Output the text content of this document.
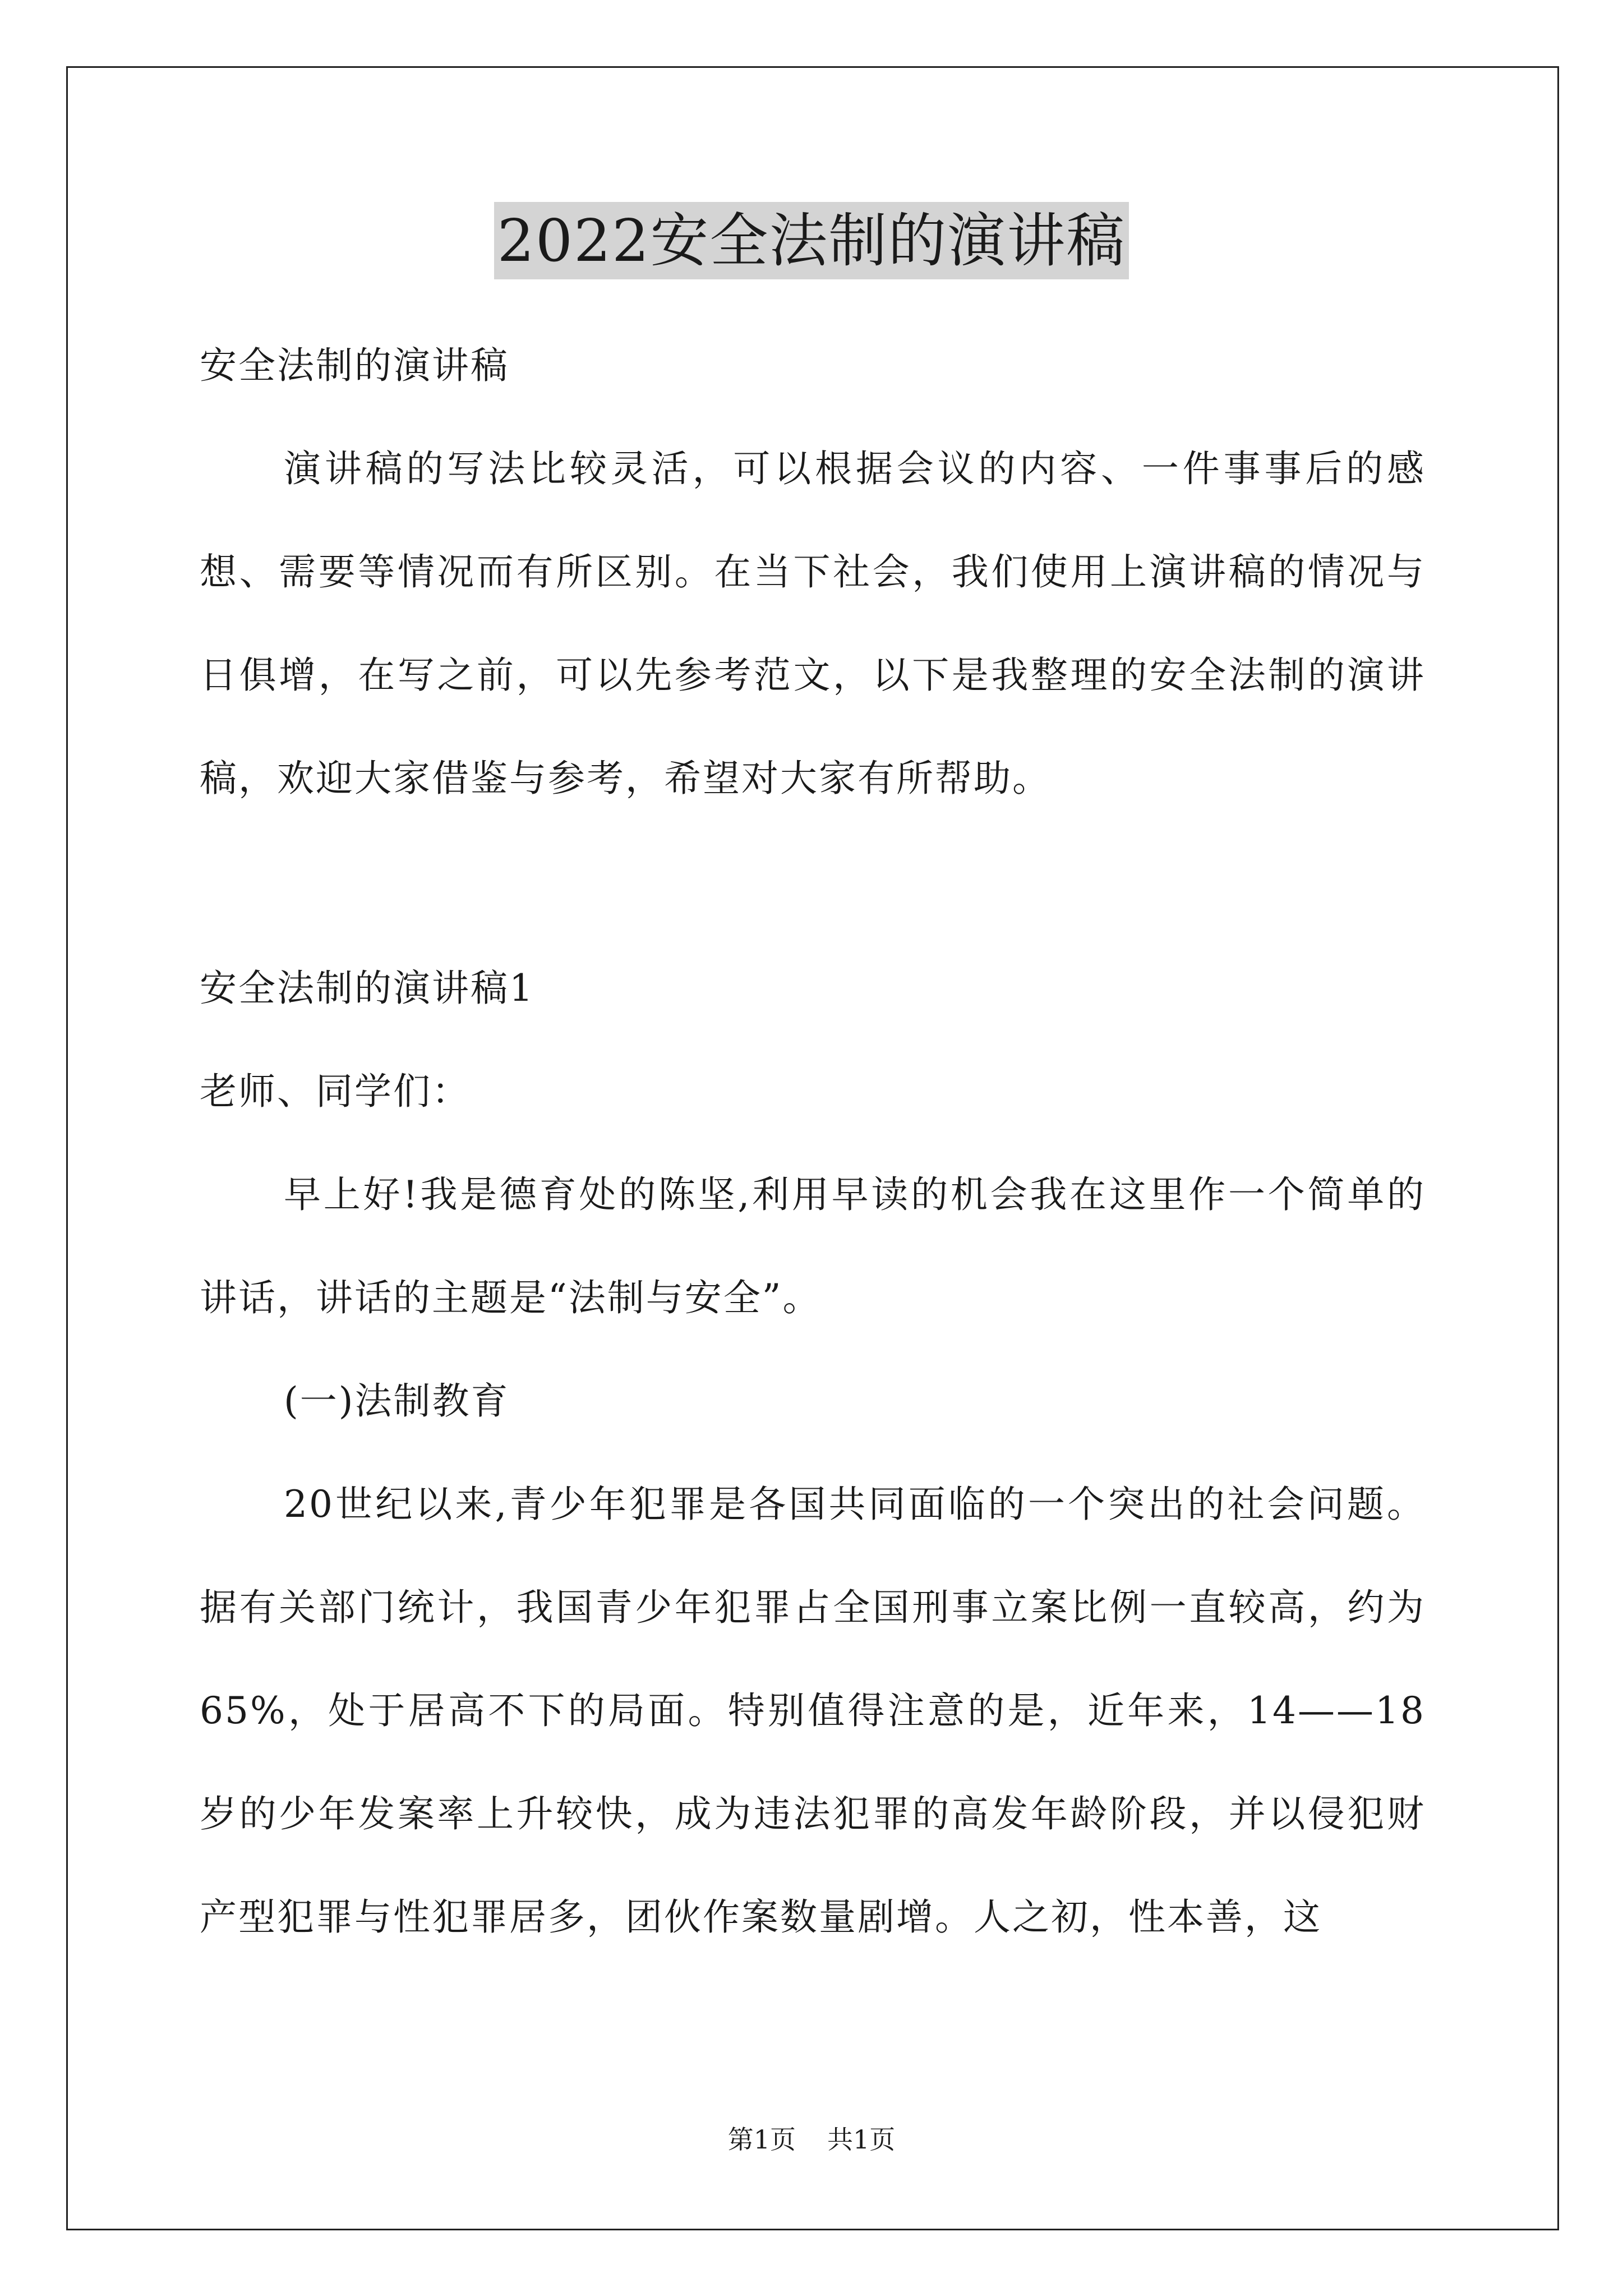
2022安全法制的演讲稿

安全法制的演讲稿

演讲稿的写法比较灵活，可以根据会议的内容、一件事事后的感想、需要等情况而有所区别。在当下社会，我们使用上演讲稿的情况与日俱增，在写之前，可以先参考范文，以下是我整理的安全法制的演讲稿，欢迎大家借鉴与参考，希望对大家有所帮助。

安全法制的演讲稿1

老师、同学们：

早上好!我是德育处的陈坚,利用早读的机会我在这里作一个简单的讲话，讲话的主题是“法制与安全”。

(一)法制教育

20世纪以来,青少年犯罪是各国共同面临的一个突出的社会问题。据有关部门统计，我国青少年犯罪占全国刑事立案比例一直较高，约为65%，处于居高不下的局面。特别值得注意的是，近年来，14——18岁的少年发案率上升较快，成为违法犯罪的高发年龄阶段，并以侵犯财产型犯罪与性犯罪居多，团伙作案数量剧增。人之初，性本善，这

第1页 共1页
